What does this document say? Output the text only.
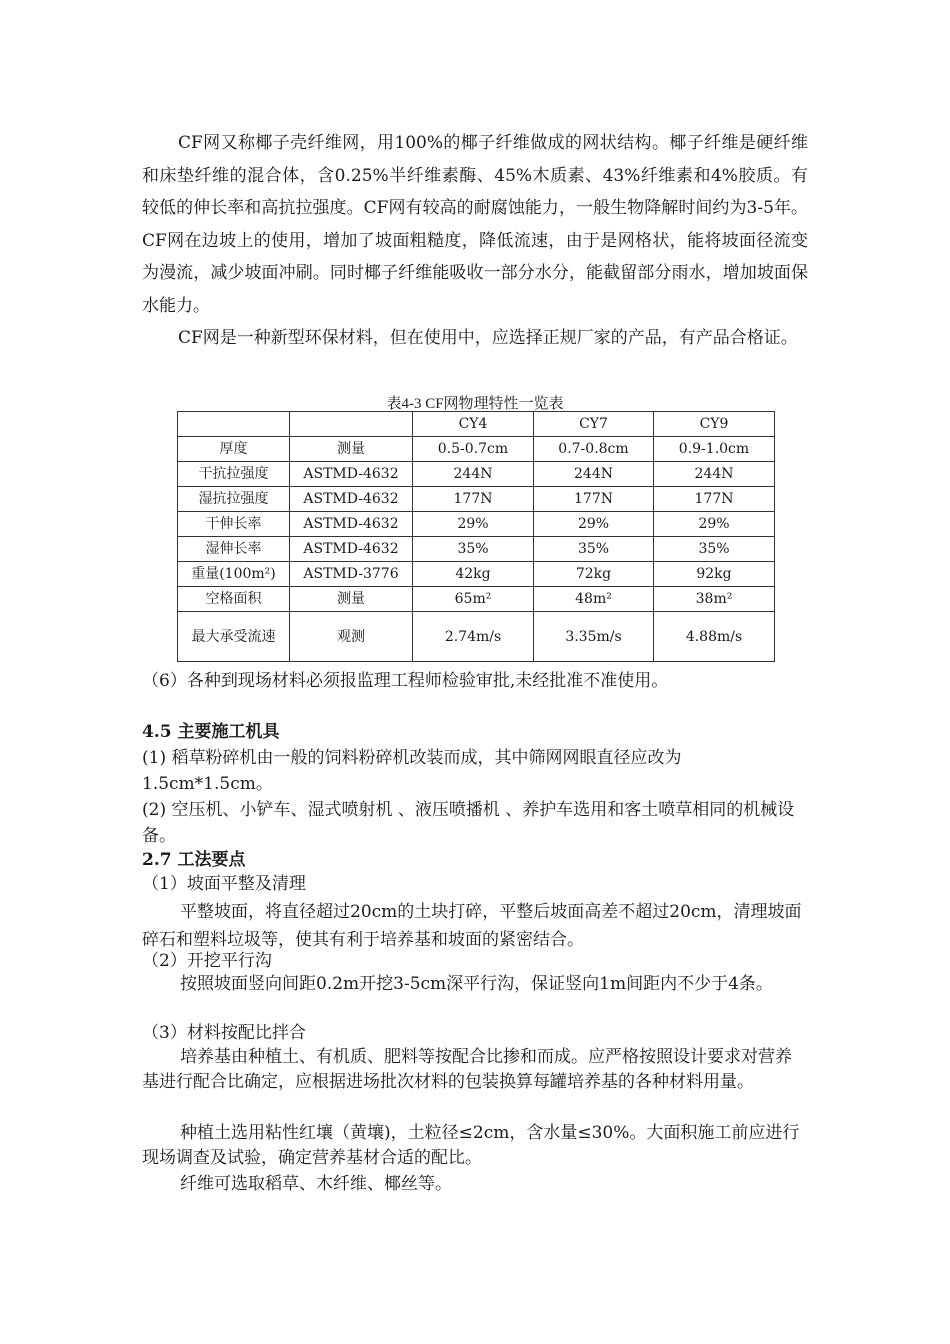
CF网又称椰子壳纤维网，用100%的椰子纤维做成的网状结构。椰子纤维是硬纤维和床垫纤维的混合体，含0.25%半纤维素酶、45%木质素、43%纤维素和4%胶质。有较低的伸长率和高抗拉强度。CF网有较高的耐腐蚀能力，一般生物降解时间约为3-5年。CF网在边坡上的使用，增加了坡面粗糙度，降低流速，由于是网格状，能将坡面径流变为漫流，减少坡面冲刷。同时椰子纤维能吸收一部分水分，能截留部分雨水，增加坡面保水能力。

CF网是一种新型环保材料，但在使用中，应选择正规厂家的产品，有产品合格证。

表4-3 CF网物理特性一览表
		CY4	CY7	CY9
厚度	测量	0.5-0.7cm	0.7-0.8cm	0.9-1.0cm
干抗拉强度	ASTMD-4632	244N	244N	244N
湿抗拉强度	ASTMD-4632	177N	177N	177N
干伸长率	ASTMD-4632	29%	29%	29%
湿伸长率	ASTMD-4632	35%	35%	35%
重量(100m²)	ASTMD-3776	42kg	72kg	92kg
空格面积	测量	65m²	48m²	38m²
最大承受流速	观测	2.74m/s	3.35m/s	4.88m/s

（6）各种到现场材料必须报监理工程师检验审批,未经批准不准使用。

4.5 主要施工机具

(1) 稻草粉碎机由一般的饲料粉碎机改装而成，其中筛网网眼直径应改为1.5cm*1.5cm。

(2) 空压机、小铲车、湿式喷射机 、液压喷播机 、养护车选用和客土喷草相同的机械设备。

2.7 工法要点

（1）坡面平整及清理

平整坡面，将直径超过20cm的土块打碎，平整后坡面高差不超过20cm，清理坡面碎石和塑料垃圾等，使其有利于培养基和坡面的紧密结合。

（2）开挖平行沟

按照坡面竖向间距0.2m开挖3-5cm深平行沟，保证竖向1m间距内不少于4条。

（3）材料按配比拌合

培养基由种植土、有机质、肥料等按配合比掺和而成。应严格按照设计要求对营养基进行配合比确定，应根据进场批次材料的包装换算每罐培养基的各种材料用量。

种植土选用粘性红壤（黄壤)，土粒径≤2cm，含水量≤30%。大面积施工前应进行现场调查及试验，确定营养基材合适的配比。

纤维可选取稻草、木纤维、椰丝等。
